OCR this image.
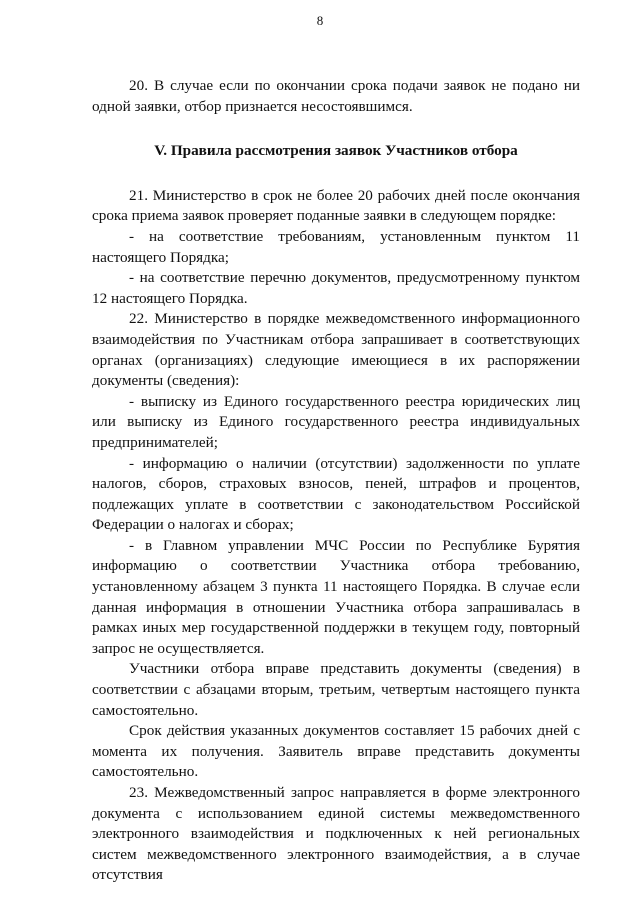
8

20. В случае если по окончании срока подачи заявок не подано ни одной заявки, отбор признается несостоявшимся.

V. Правила рассмотрения заявок Участников отбора

21. Министерство в срок не более 20 рабочих дней после окончания срока приема заявок проверяет поданные заявки в следующем порядке:

- на соответствие требованиям, установленным пунктом 11 настоящего Порядка;

- на соответствие перечню документов, предусмотренному пунктом 12 настоящего Порядка.

22. Министерство в порядке межведомственного информационного взаимодействия по Участникам отбора запрашивает в соответствующих органах (организациях) следующие имеющиеся в их распоряжении документы (сведения):

- выписку из Единого государственного реестра юридических лиц или выписку из Единого государственного реестра индивидуальных предпринимателей;

- информацию о наличии (отсутствии) задолженности по уплате налогов, сборов, страховых взносов, пеней, штрафов и процентов, подлежащих уплате в соответствии с законодательством Российской Федерации о налогах и сборах;

- в Главном управлении МЧС России по Республике Бурятия информацию о соответствии Участника отбора требованию, установленному абзацем 3 пункта 11 настоящего Порядка. В случае если данная информация в отношении Участника отбора запрашивалась в рамках иных мер государственной поддержки в текущем году, повторный запрос не осуществляется.

Участники отбора вправе представить документы (сведения) в соответствии с абзацами вторым, третьим, четвертым настоящего пункта самостоятельно.

Срок действия указанных документов составляет 15 рабочих дней с момента их получения. Заявитель вправе представить документы самостоятельно.

23. Межведомственный запрос направляется в форме электронного документа с использованием единой системы межведомственного электронного взаимодействия и подключенных к ней региональных систем межведомственного электронного взаимодействия, а в случае отсутствия
